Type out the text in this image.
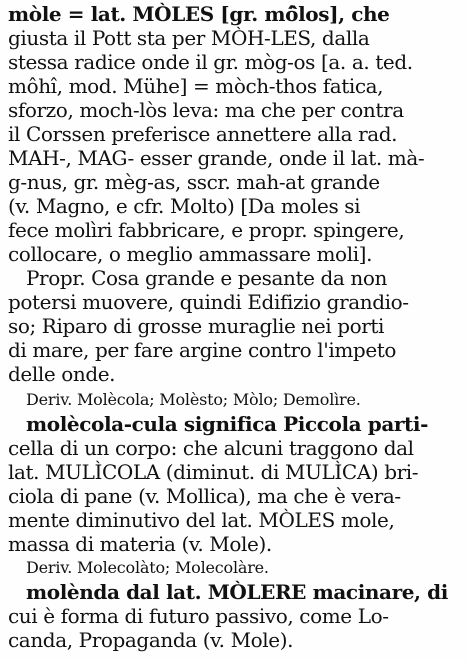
mòle = lat. MÒLES [gr. mô̂los], che
giusta il Pott sta per MÒH-LES, dalla
stessa radice onde il gr. mòg-os [a. a. ted.
môhî, mod. Mühe] = mòch-thos fatica,
sforzo, moch-lòs leva: ma che per contra
il Corssen preferisce annettere alla rad.
MAH-, MAG- esser grande, onde il lat. mà-
g-nus, gr. mèg-as, sscr. mah-at grande
(v. Magno, e cfr. Molto) [Da moles si
fece molìri fabbricare, e propr. spingere,
collocare, o meglio ammassare moli].
Propr. Cosa grande e pesante da non
potersi muovere, quindi Edifizio grandio-
so; Riparo di grosse muraglie nei porti
di mare, per fare argine contro l'impeto
delle onde.
Deriv. Molècola; Molèsto; Mòlo; Demolìre.
molècola-cula significa Piccola parti-
cella di un corpo: che alcuni traggono dal
lat. MULÌCOLA (diminut. di MULÌCA) bri-
ciola di pane (v. Mollica), ma che è vera-
mente diminutivo del lat. MÒLES mole,
massa di materia (v. Mole).
Deriv. Molecolàto; Molecolàre.
molènda dal lat. MÒLERE macinare, di
cui è forma di futuro passivo, come Lo-
canda, Propaganda (v. Mole).
